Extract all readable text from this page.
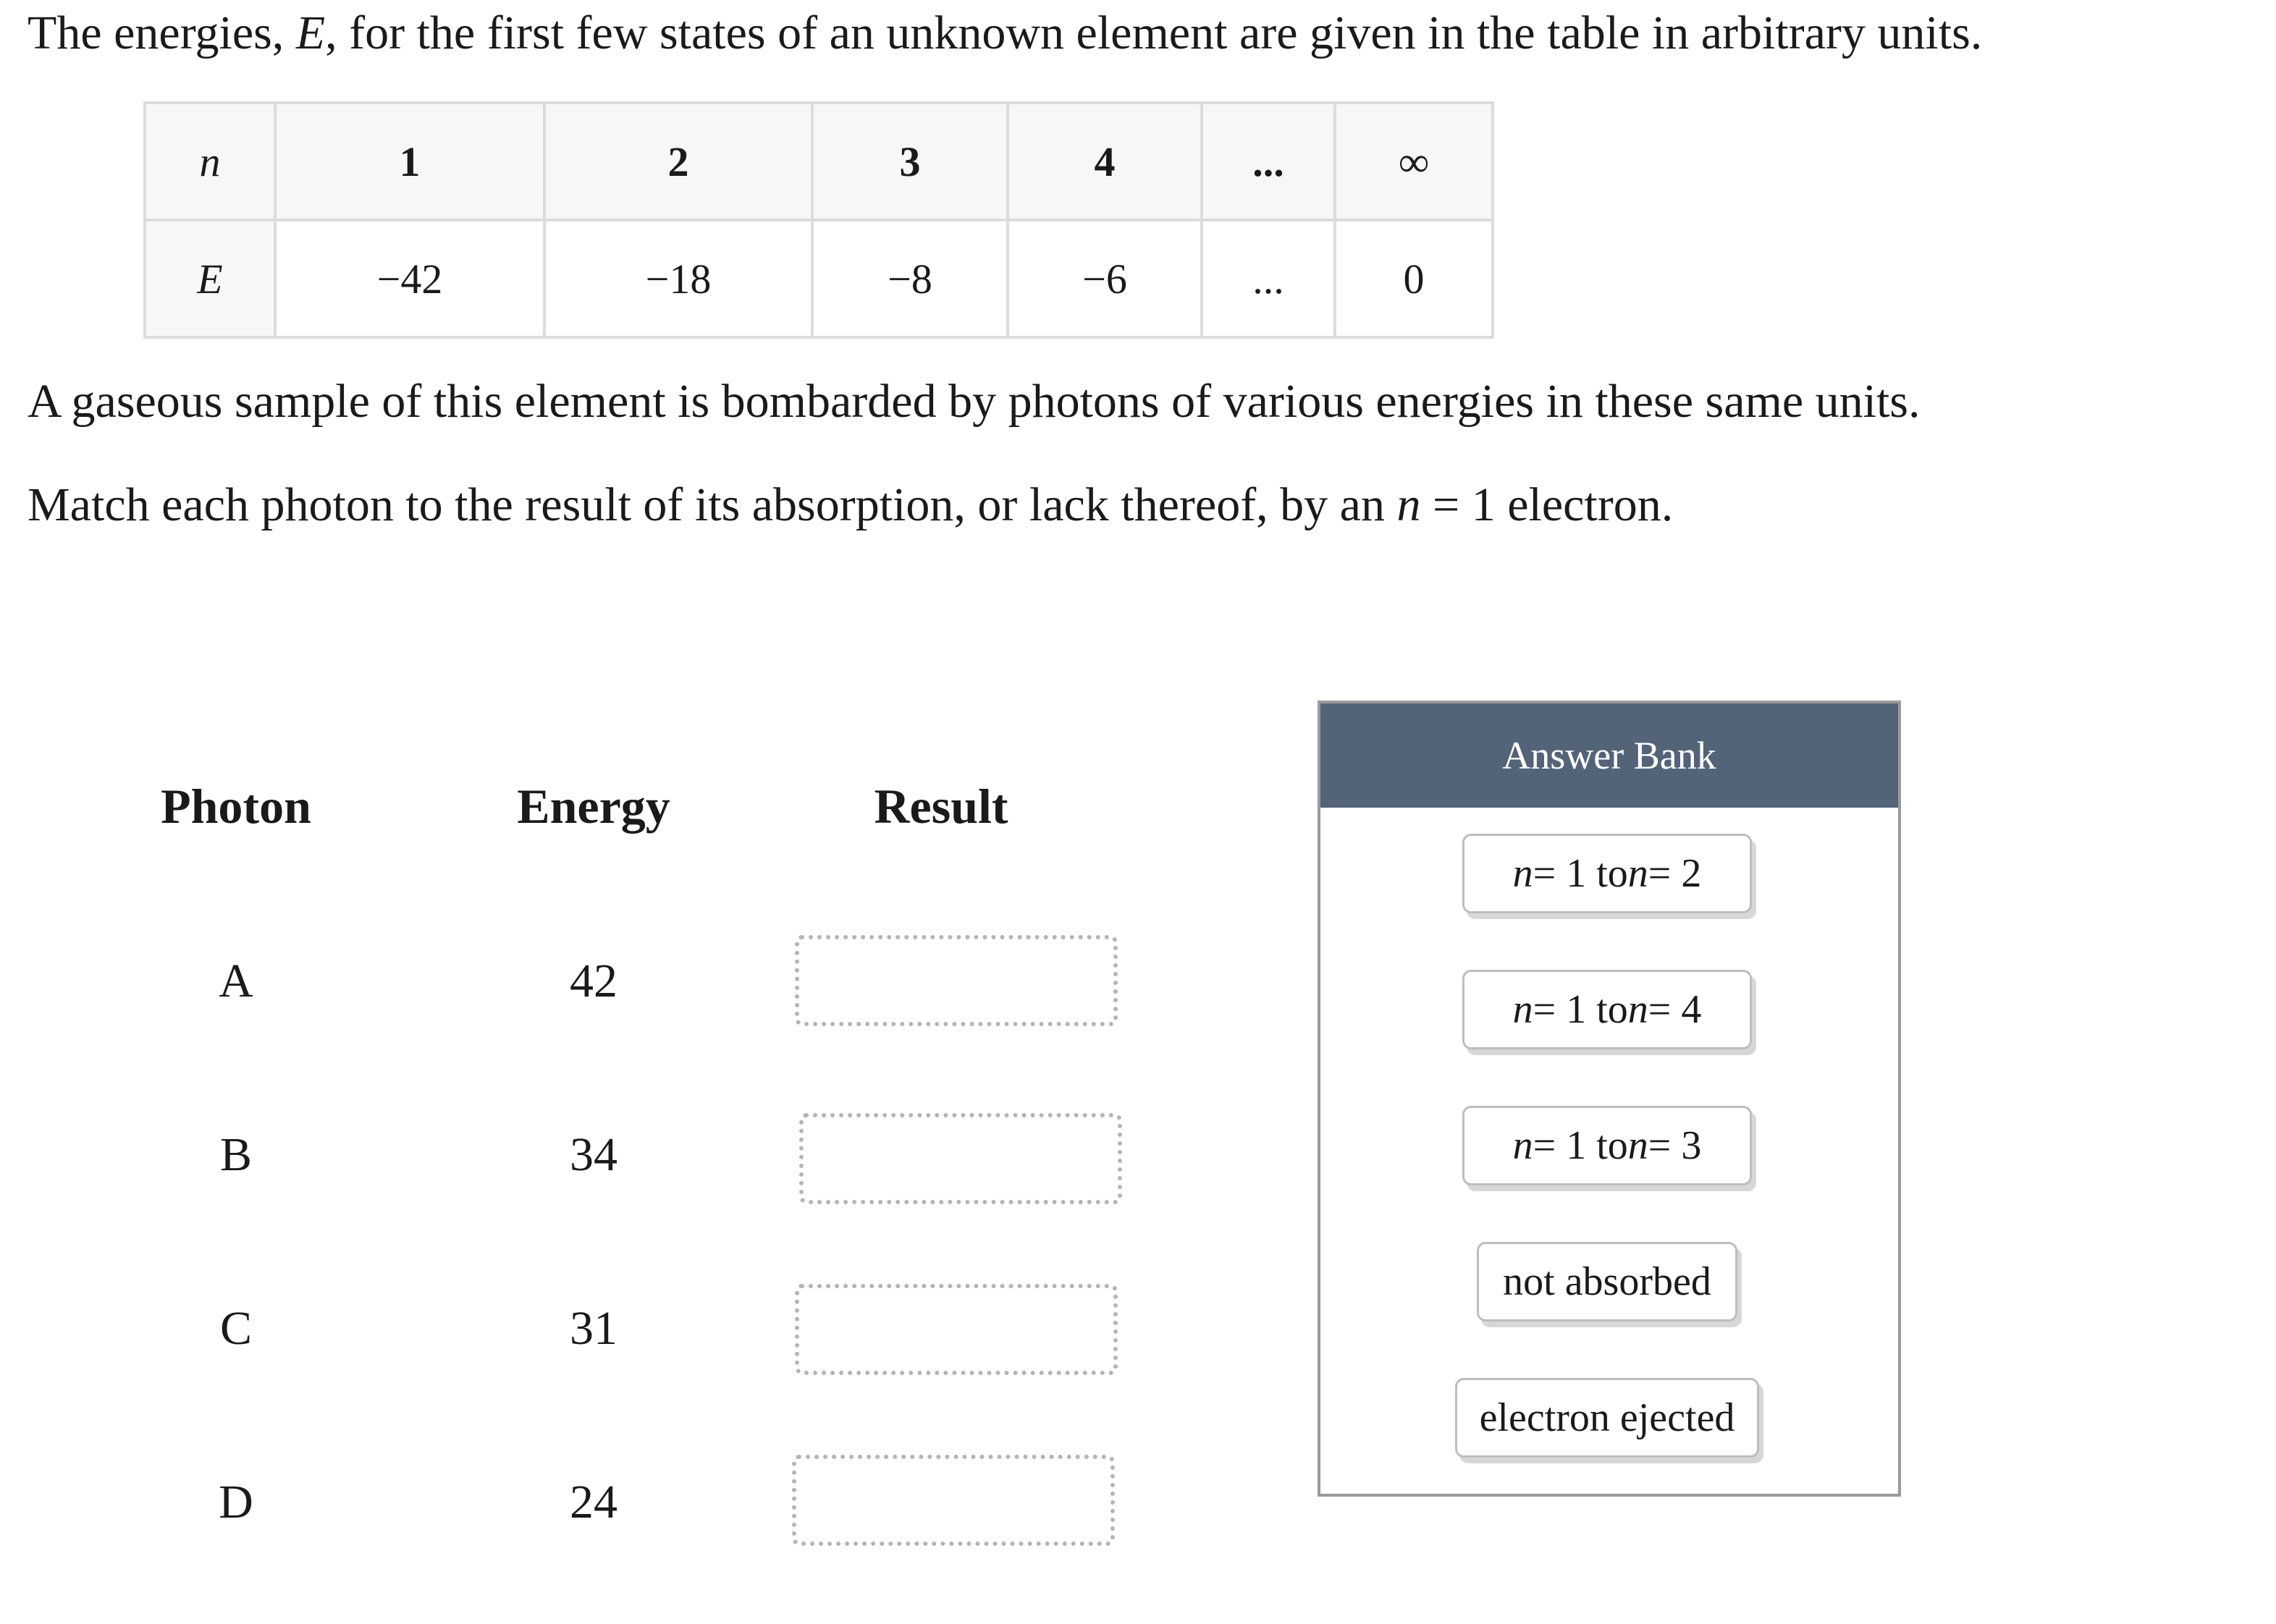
The energies, E, for the first few states of an unknown element are given in the table in arbitrary units.
n	1	2	3	4	...	∞
E	−42	−18	−8	−6	...	0
A gaseous sample of this element is bombarded by photons of various energies in these same units.
Match each photon to the result of its absorption, or lack thereof, by an n = 1 electron.
Photon	Energy	Result
A	42
B	34
C	31
D	24
Answer Bank
n = 1 to n = 2
n = 1 to n = 4
n = 1 to n = 3
not absorbed
electron ejected
